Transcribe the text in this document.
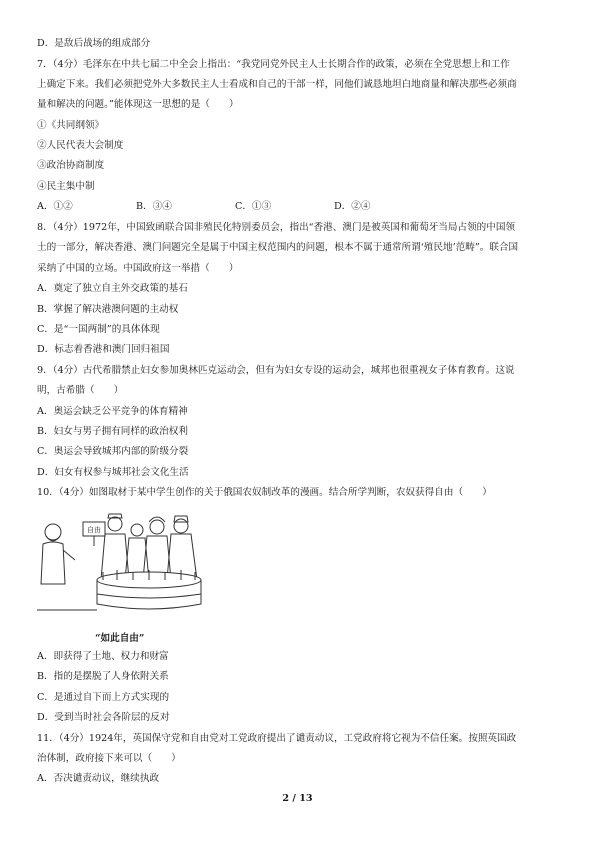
D．是敌后战场的组成部分
7．（4分）毛泽东在中共七届二中全会上指出：“我党同党外民主人士长期合作的政策，必须在全党思想上和工作
上确定下来。我们必须把党外大多数民主人士看成和自己的干部一样，同他们诚恳地坦白地商量和解决那些必须商
量和解决的问题。”能体现这一思想的是（　　）
①《共同纲领》
②人民代表大会制度
③政治协商制度
④民主集中制
A．①②	B．③④	C．①③	D．②④
8．（4分）1972年，中国致函联合国非殖民化特别委员会，指出“香港、澳门是被英国和葡萄牙当局占领的中国领
土的一部分，解决香港、澳门问题完全是属于中国主权范围内的问题，根本不属于通常所谓‘殖民地’范畴”。联合国
采纳了中国的立场。中国政府这一举措（　　）
A．奠定了独立自主外交政策的基石
B．掌握了解决港澳问题的主动权
C．是“一国两制”的具体体现
D．标志着香港和澳门回归祖国
9．（4分）古代希腊禁止妇女参加奥林匹克运动会，但有为妇女专设的运动会，城邦也很重视女子体育教育。这说
明，古希腊（　　）
A．奥运会缺乏公平竞争的体育精神
B．妇女与男子拥有同样的政治权利
C．奥运会导致城邦内部的阶级分裂
D．妇女有权参与城邦社会文化生活
10．（4分）如图取材于某中学生创作的关于俄国农奴制改革的漫画。结合所学判断，农奴获得自由（　　）
自由
“如此自由”
A．即获得了土地、权力和财富
B．指的是摆脱了人身依附关系
C．是通过自下而上方式实现的
D．受到当时社会各阶层的反对
11．（4分）1924年，英国保守党和自由党对工党政府提出了谴责动议，工党政府将它视为不信任案。按照英国政
治体制，政府接下来可以（　　）
A．否决谴责动议，继续执政
2 / 13
